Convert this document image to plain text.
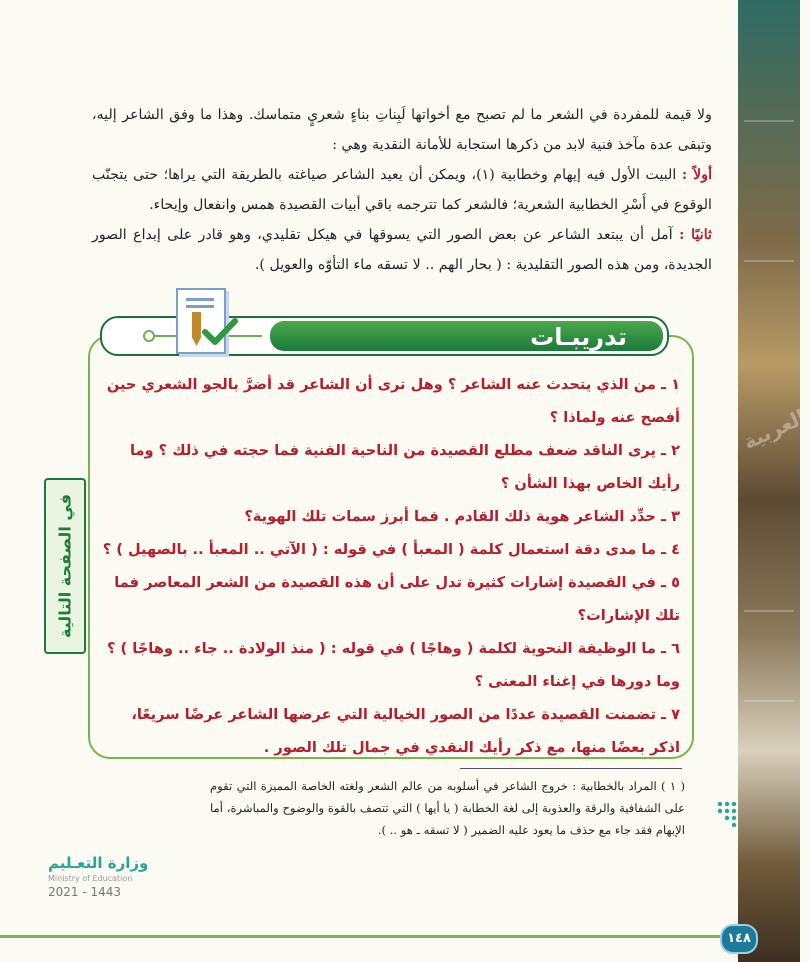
ولا قيمة للمفردة في الشعر ما لم تصبح مع أخواتها لَبِناتِ بناءٍ شعريٍ متماسك. وهذا ما وفق الشاعر إليه، وتبقى عدة مآخذ فنية لابد من ذكرها استجابة للأمانة النقدية وهي :

أولاً : البيت الأول فيه إيهام وخطابية (١)، ويمكن أن يعيد الشاعر صياغته بالطريقة التي يراها؛ حتى يتجنّب الوقوع في أَسْرِ الخطابية الشعرية؛ فالشعر كما تترجمه باقي أبيات القصيدة همس وانفعال وإيحاء.

ثانيًا : آمل أن يبتعد الشاعر عن بعض الصور التي يسوقها في هيكل تقليدي، وهو قادر على إبداع الصور الجديدة، ومن هذه الصور التقليدية : ( بحار الهم .. لا تسقه ماء التأوّه والعويل ).

تدريبـات

١ ـ من الذي يتحدث عنه الشاعر ؟ وهل ترى أن الشاعر قد أضرَّ بالجو الشعري حين أفصح عنه ولماذا ؟

٢ ـ يرى الناقد ضعف مطلع القصيدة من الناحية الفنية فما حجته في ذلك ؟ وما رأيك الخاص بهذا الشأن ؟

٣ ـ حدِّد الشاعر هوية ذلك القادم . فما أبرز سمات تلك الهوية؟

٤ ـ ما مدى دقة استعمال كلمة ( المعبأ ) في قوله : ( الآتي .. المعبأ .. بالصهيل ) ؟

٥ ـ في القصيدة إشارات كثيرة تدل على أن هذه القصيدة من الشعر المعاصر فما تلك الإشارات؟

٦ ـ ما الوظيفة النحوية لكلمة ( وهاجًا ) في قوله : ( منذ الولادة .. جاء .. وهاجًا ) ؟ وما دورها في إغناء المعنى ؟

٧ ـ تضمنت القصيدة عددًا من الصور الخيالية التي عرضها الشاعر عرضًا سريعًا، اذكر بعضًا منها، مع ذكر رأيك النقدي في جمال تلك الصور .

في الصفحة التالية

( ١ ) المراد بالخطابية : خروج الشاعر في أسلوبه من عالم الشعر ولغته الخاصة المميزة التي تقوم على الشفافية والرقة والعذوبة إلى لغة الخطابة ( يا أيها ) التي تتصف بالقوة والوضوح والمباشرة، أما الإبهام فقد جاء مع حذف ما يعود عليه الضمير ( لا تسقه ـ هو .. ).

وزارة التعـليم
Ministry of Education
2021 - 1443
العربية
١٤٨
